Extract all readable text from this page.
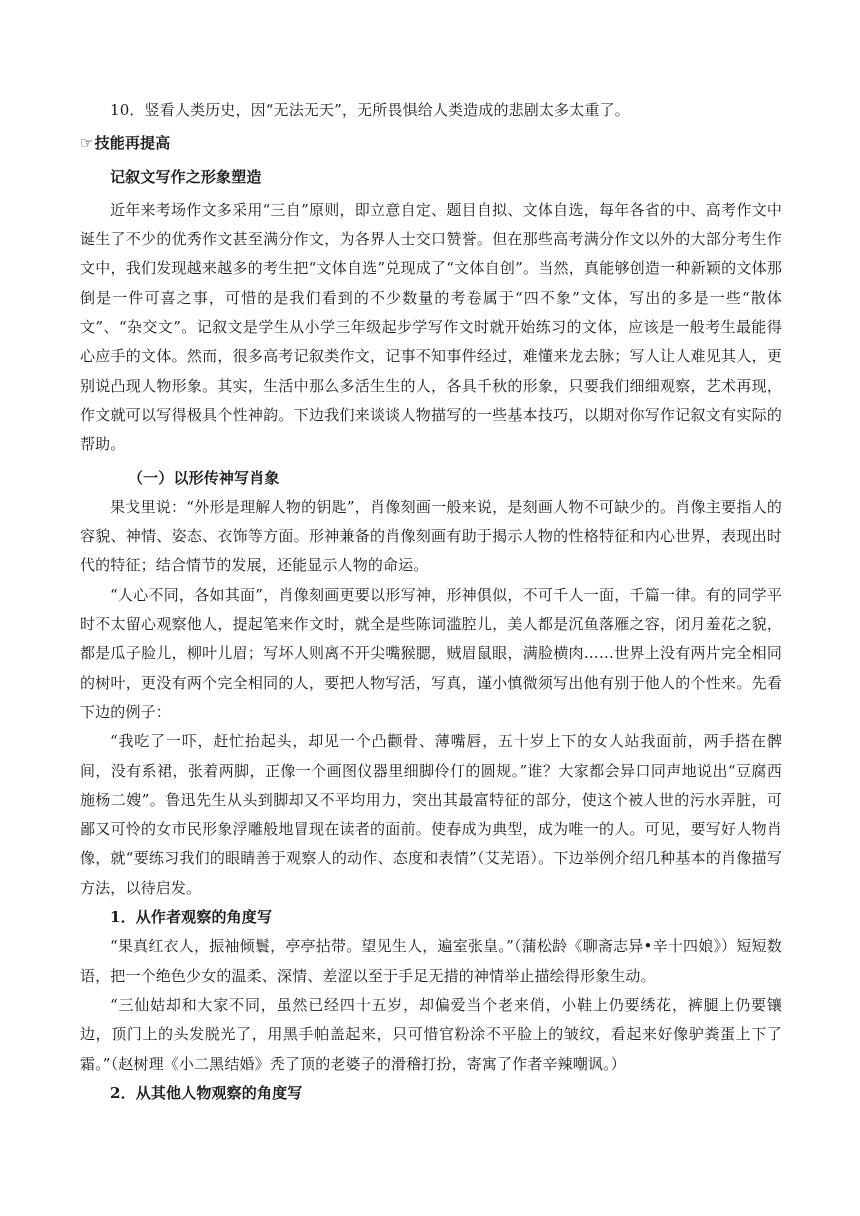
10．竖看人类历史，因“无法无天”，无所畏惧给人类造成的悲剧太多太重了。

☞技能再提高

记叙文写作之形象塑造

近年来考场作文多采用“三自”原则，即立意自定、题目自拟、文体自选，每年各省的中、高考作文中诞生了不少的优秀作文甚至满分作文，为各界人士交口赞誉。但在那些高考满分作文以外的大部分考生作文中，我们发现越来越多的考生把“文体自选”兑现成了“文体自创”。当然，真能够创造一种新颖的文体那倒是一件可喜之事，可惜的是我们看到的不少数量的考卷属于“四不象”文体，写出的多是一些“散体文”、“杂交文”。记叙文是学生从小学三年级起步学写作文时就开始练习的文体，应该是一般考生最能得心应手的文体。然而，很多高考记叙类作文，记事不知事件经过，难懂来龙去脉；写人让人难见其人，更别说凸现人物形象。其实，生活中那么多活生生的人，各具千秋的形象，只要我们细细观察，艺术再现，作文就可以写得极具个性神韵。下边我们来谈谈人物描写的一些基本技巧，以期对你写作记叙文有实际的帮助。

（一）以形传神写肖象

果戈里说：“外形是理解人物的钥匙”，肖像刻画一般来说，是刻画人物不可缺少的。肖像主要指人的容貌、神情、姿态、衣饰等方面。形神兼备的肖像刻画有助于揭示人物的性格特征和内心世界，表现出时代的特征；结合情节的发展，还能显示人物的命运。

“人心不同，各如其面”，肖像刻画更要以形写神，形神俱似，不可千人一面，千篇一律。有的同学平时不太留心观察他人，提起笔来作文时，就全是些陈词滥腔儿，美人都是沉鱼落雁之容，闭月羞花之貌，都是瓜子脸儿，柳叶儿眉；写坏人则离不开尖嘴猴腮，贼眉鼠眼，满脸横肉……世界上没有两片完全相同的树叶，更没有两个完全相同的人，要把人物写活，写真，谨小慎微须写出他有别于他人的个性来。先看下边的例子：

“我吃了一吓，赶忙抬起头，却见一个凸颧骨、薄嘴唇，五十岁上下的女人站我面前，两手搭在髀间，没有系裙，张着两脚，正像一个画图仪器里细脚伶仃的圆规。”谁？大家都会异口同声地说出“豆腐西施杨二嫂”。鲁迅先生从头到脚却又不平均用力，突出其最富特征的部分，使这个被人世的污水弄脏，可鄙又可怜的女市民形象浮雕般地冒现在读者的面前。使春成为典型，成为唯一的人。可见，要写好人物肖像，就“要练习我们的眼睛善于观察人的动作、态度和表情”（艾芜语）。下边举例介绍几种基本的肖像描写方法，以待启发。

1．从作者观察的角度写

“果真红衣人，振袖倾鬟，亭亭拈带。望见生人，遍室张皇。”（蒲松龄《聊斋志异•辛十四娘》）短短数语，把一个绝色少女的温柔、深情、差涩以至于手足无措的神情举止描绘得形象生动。

“三仙姑却和大家不同，虽然已经四十五岁，却偏爱当个老来俏，小鞋上仍要绣花，裤腿上仍要镶边，顶门上的头发脱光了，用黑手帕盖起来，只可惜官粉涂不平脸上的皱纹，看起来好像驴粪蛋上下了霜。”（赵树理《小二黑结婚》秃了顶的老婆子的滑稽打扮，寄寓了作者辛辣嘲讽。）

2．从其他人物观察的角度写
